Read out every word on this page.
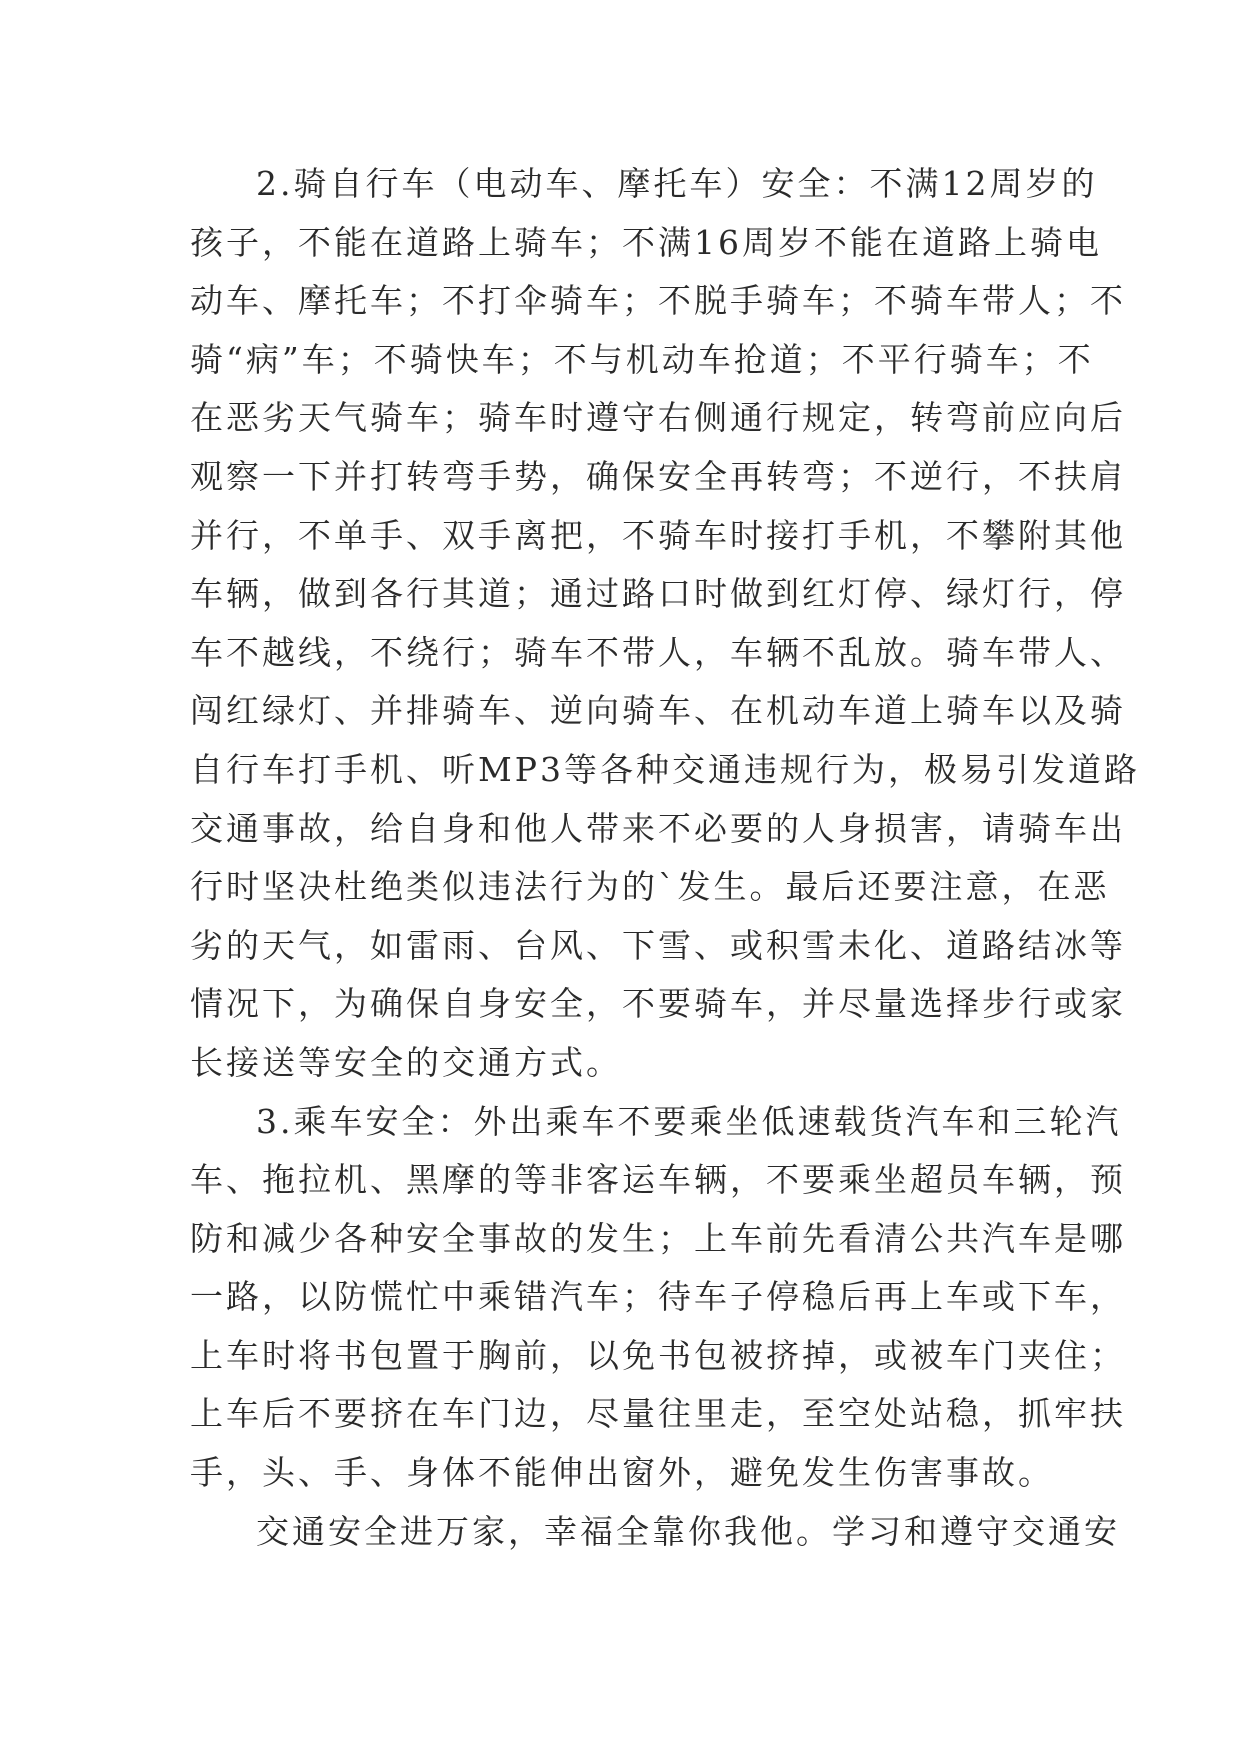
2.骑自行车（电动车、摩托车）安全：不满12周岁的
孩子，不能在道路上骑车；不满16周岁不能在道路上骑电
动车、摩托车；不打伞骑车；不脱手骑车；不骑车带人；不
骑“病”车；不骑快车；不与机动车抢道；不平行骑车；不
在恶劣天气骑车；骑车时遵守右侧通行规定，转弯前应向后
观察一下并打转弯手势，确保安全再转弯；不逆行，不扶肩
并行，不单手、双手离把，不骑车时接打手机，不攀附其他
车辆，做到各行其道；通过路口时做到红灯停、绿灯行，停
车不越线，不绕行；骑车不带人，车辆不乱放。骑车带人、
闯红绿灯、并排骑车、逆向骑车、在机动车道上骑车以及骑
自行车打手机、听MP3等各种交通违规行为，极易引发道路
交通事故，给自身和他人带来不必要的人身损害，请骑车出
行时坚决杜绝类似违法行为的`发生。最后还要注意，在恶
劣的天气，如雷雨、台风、下雪、或积雪未化、道路结冰等
情况下，为确保自身安全，不要骑车，并尽量选择步行或家
长接送等安全的交通方式。
3.乘车安全：外出乘车不要乘坐低速载货汽车和三轮汽
车、拖拉机、黑摩的等非客运车辆，不要乘坐超员车辆，预
防和减少各种安全事故的发生；上车前先看清公共汽车是哪
一路，以防慌忙中乘错汽车；待车子停稳后再上车或下车，
上车时将书包置于胸前，以免书包被挤掉，或被车门夹住；
上车后不要挤在车门边，尽量往里走，至空处站稳，抓牢扶
手，头、手、身体不能伸出窗外，避免发生伤害事故。
交通安全进万家，幸福全靠你我他。学习和遵守交通安
